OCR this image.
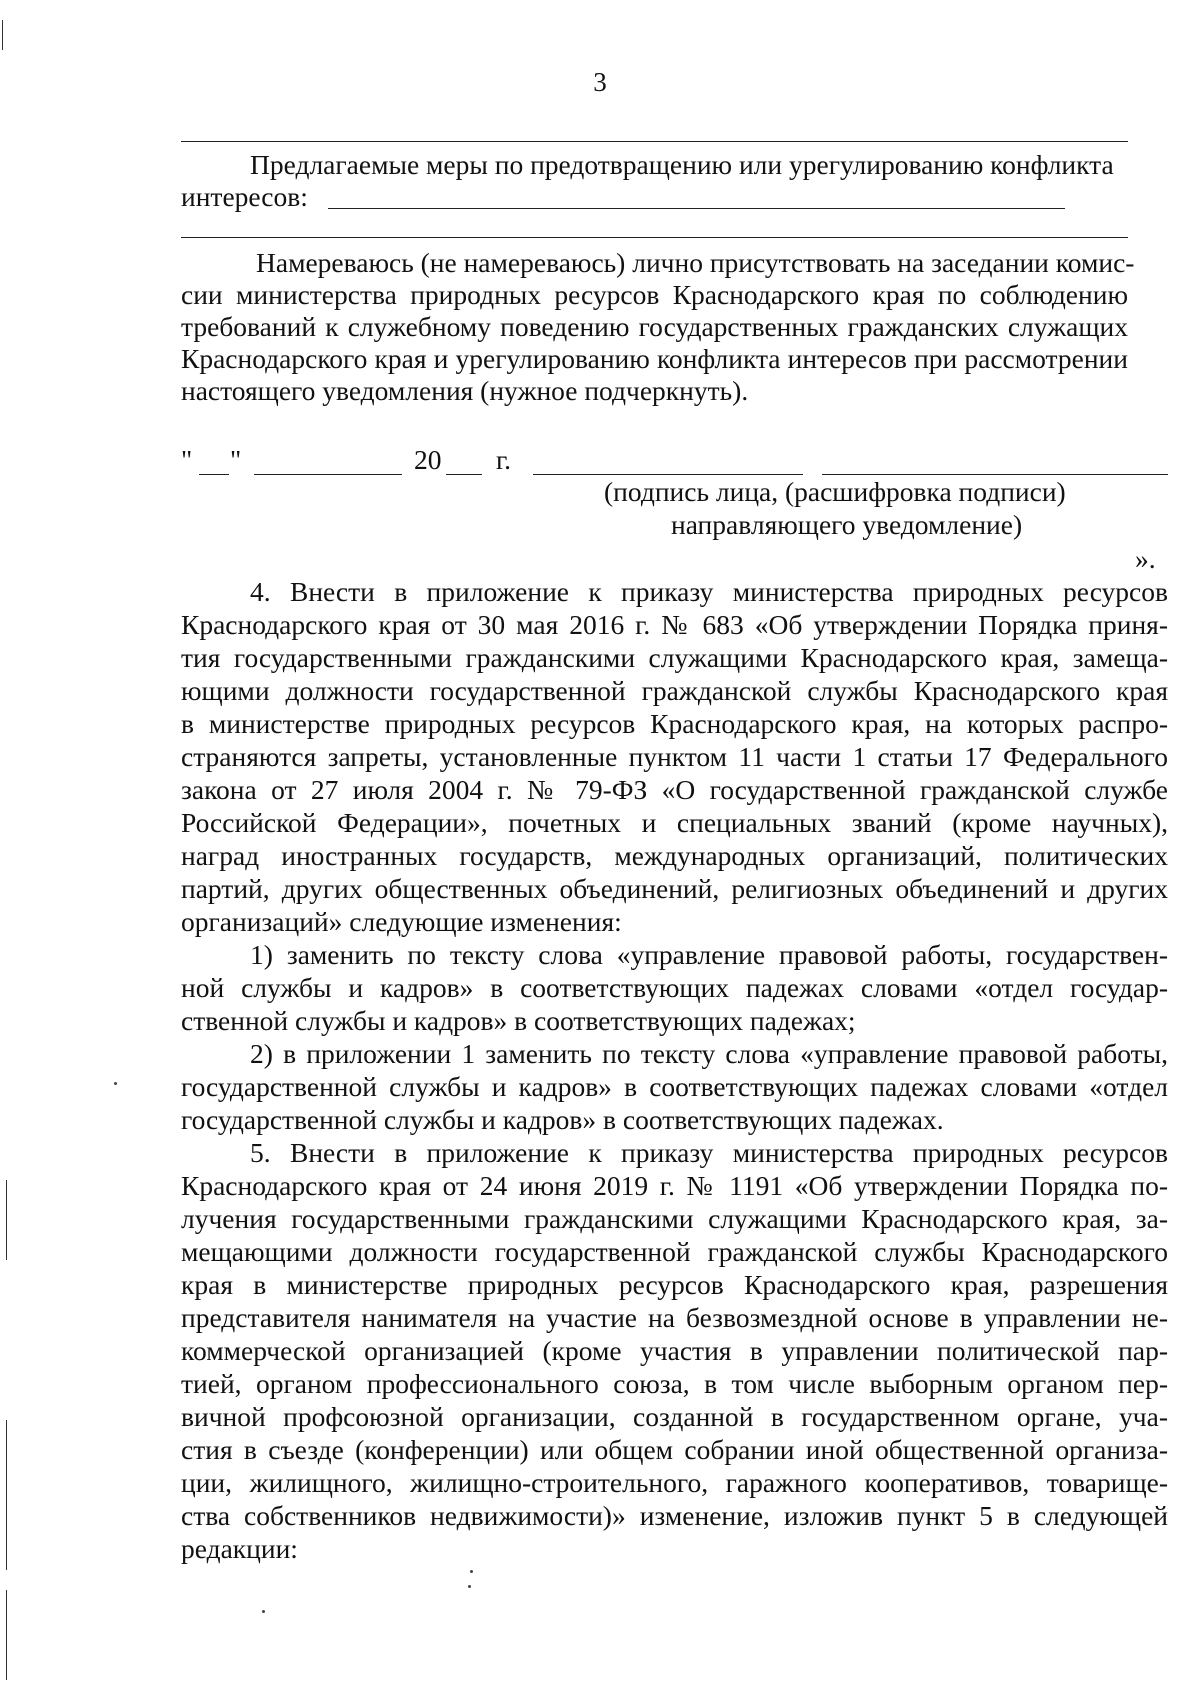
3
Предлагаемые меры по предотвращению или урегулированию конфликта
интересов:
Намереваюсь (не намереваюсь) лично присутствовать на заседании комис-
сии министерства природных ресурсов Краснодарского края по соблюдению
требований к служебному поведению государственных гражданских служащих
Краснодарского края и урегулированию конфликта интересов при рассмотрении
настоящего уведомления (нужное подчеркнуть).
" "	20 г.
(подпись лица, (расшифровка подписи)
направляющего уведомление)
».
4. Внести в приложение к приказу министерства природных ресурсов
Краснодарского края от 30 мая 2016 г. № 683 «Об утверждении Порядка приня-
тия государственными гражданскими служащими Краснодарского края, замеща-
ющими должности государственной гражданской службы Краснодарского края
в министерстве природных ресурсов Краснодарского края, на которых распро-
страняются запреты, установленные пунктом 11 части 1 статьи 17 Федерального
закона от 27 июля 2004 г. № 79-ФЗ «О государственной гражданской службе
Российской Федерации», почетных и специальных званий (кроме научных),
наград иностранных государств, международных организаций, политических
партий, других общественных объединений, религиозных объединений и других
организаций» следующие изменения:
1) заменить по тексту слова «управление правовой работы, государствен-
ной службы и кадров» в соответствующих падежах словами «отдел государ-
ственной службы и кадров» в соответствующих падежах;
2) в приложении 1 заменить по тексту слова «управление правовой работы,
государственной службы и кадров» в соответствующих падежах словами «отдел
государственной службы и кадров» в соответствующих падежах.
5. Внести в приложение к приказу министерства природных ресурсов
Краснодарского края от 24 июня 2019 г. № 1191 «Об утверждении Порядка по-
лучения государственными гражданскими служащими Краснодарского края, за-
мещающими должности государственной гражданской службы Краснодарского
края в министерстве природных ресурсов Краснодарского края, разрешения
представителя нанимателя на участие на безвозмездной основе в управлении не-
коммерческой организацией (кроме участия в управлении политической пар-
тией, органом профессионального союза, в том числе выборным органом пер-
вичной профсоюзной организации, созданной в государственном органе, уча-
стия в съезде (конференции) или общем собрании иной общественной организа-
ции, жилищного, жилищно-строительного, гаражного кооперативов, товарище-
ства собственников недвижимости)» изменение, изложив пункт 5 в следующей
редакции:
